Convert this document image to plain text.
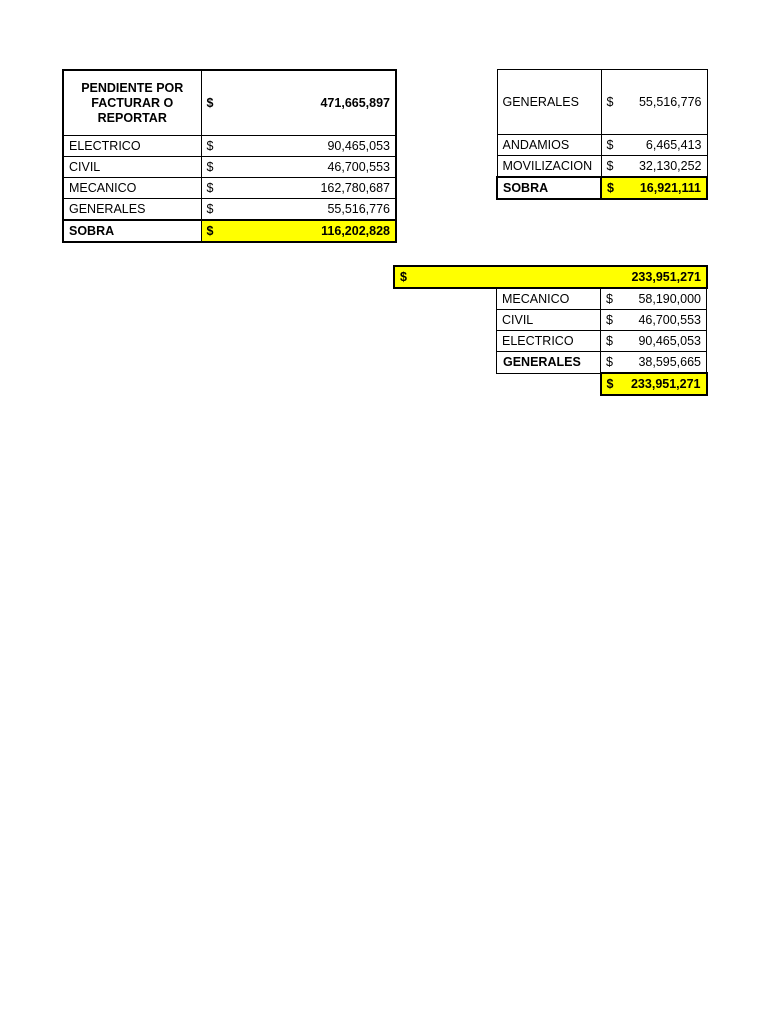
PENDIENTE POR FACTURAR O REPORTAR	$	471,665,897
ELECTRICO	$	90,465,053
CIVIL	$	46,700,553
MECANICO	$	162,780,687
GENERALES	$	55,516,776
SOBRA	$	116,202,828
GENERALES	$	55,516,776
ANDAMIOS	$	6,465,413
MOVILIZACION	$	32,130,252
SOBRA	$	16,921,111
$	233,951,271
MECANICO	$	58,190,000
CIVIL	$	46,700,553
ELECTRICO	$	90,465,053
GENERALES	$	38,595,665
	$	233,951,271
